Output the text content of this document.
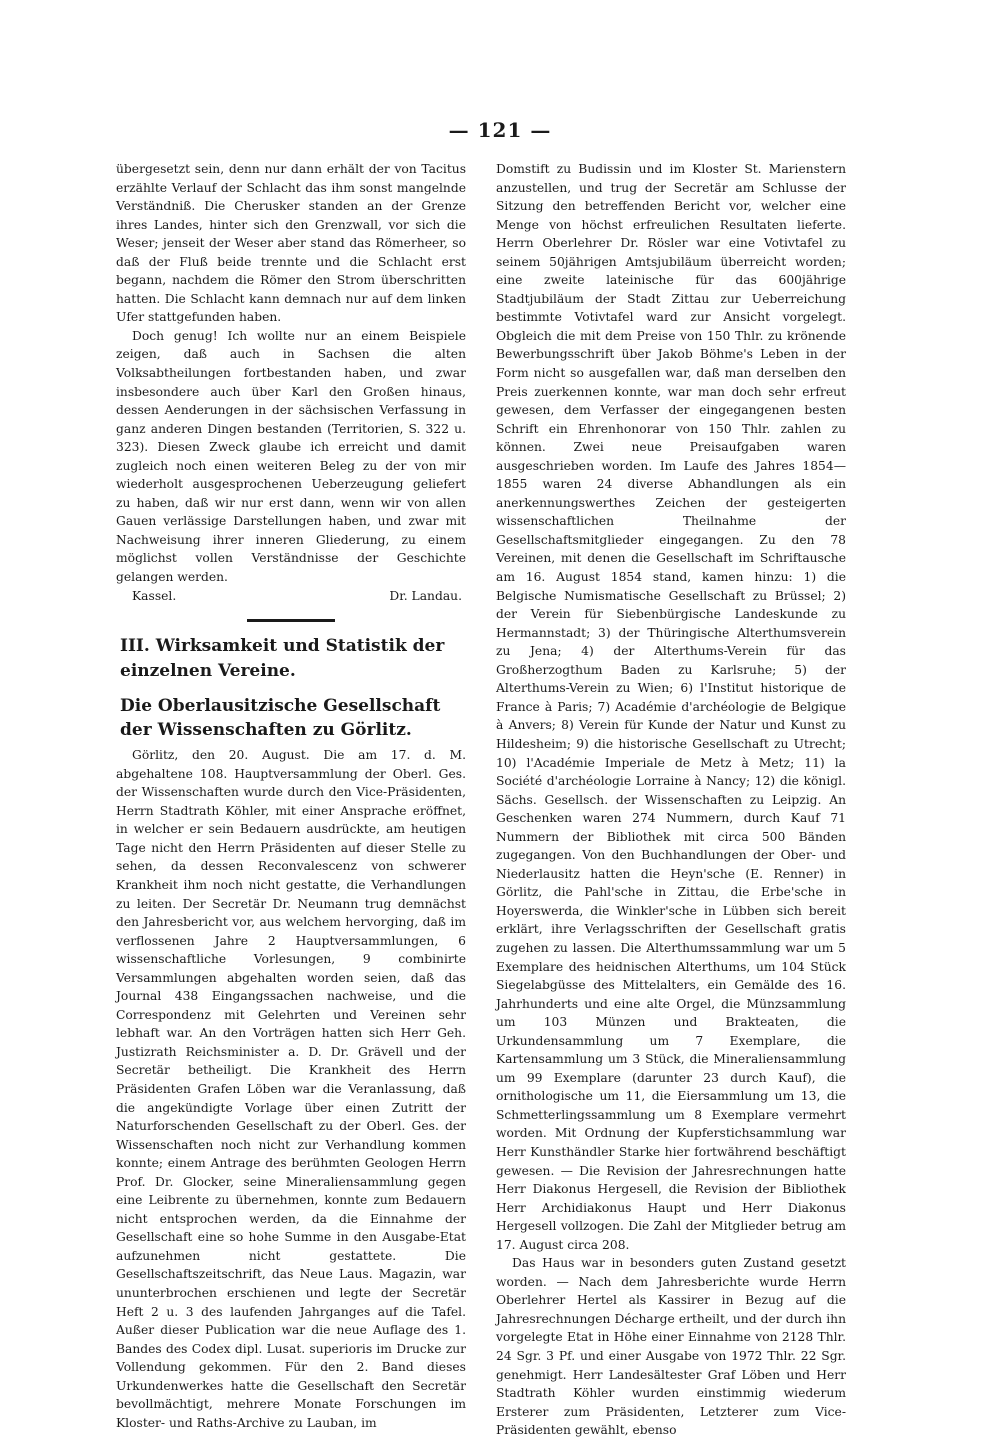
— 121 —

übergesetzt sein, denn nur dann erhält der von Tacitus erzählte Verlauf der Schlacht das ihm sonst mangelnde Verständniß. Die Cherusker standen an der Grenze ihres Landes, hinter sich den Grenzwall, vor sich die Weser; jenseit der Weser aber stand das Römerheer, so daß der Fluß beide trennte und die Schlacht erst begann, nachdem die Römer den Strom überschritten hatten. Die Schlacht kann demnach nur auf dem linken Ufer stattgefunden haben.

Doch genug! Ich wollte nur an einem Beispiele zeigen, daß auch in Sachsen die alten Volksabtheilungen fortbestanden haben, und zwar insbesondere auch über Karl den Großen hinaus, dessen Aenderungen in der sächsischen Verfassung in ganz anderen Dingen bestanden (Territorien, S. 322 u. 323). Diesen Zweck glaube ich erreicht und damit zugleich noch einen weiteren Beleg zu der von mir wiederholt ausgesprochenen Ueberzeugung geliefert zu haben, daß wir nur erst dann, wenn wir von allen Gauen verlässige Darstellungen haben, und zwar mit Nachweisung ihrer inneren Gliederung, zu einem möglichst vollen Verständnisse der Geschichte gelangen werden.

Kassel.	Dr. Landau.
III. Wirksamkeit und Statistik der einzelnen Vereine.
Die Oberlausitzische Gesellschaft der Wissenschaften zu Görlitz.

Görlitz, den 20. August. Die am 17. d. M. abgehaltene 108. Hauptversammlung der Oberl. Ges. der Wissenschaften wurde durch den Vice-Präsidenten, Herrn Stadtrath Köhler, mit einer Ansprache eröffnet, in welcher er sein Bedauern ausdrückte, am heutigen Tage nicht den Herrn Präsidenten auf dieser Stelle zu sehen, da dessen Reconvalescenz von schwerer Krankheit ihm noch nicht gestatte, die Verhandlungen zu leiten. Der Secretär Dr. Neumann trug demnächst den Jahresbericht vor, aus welchem hervorging, daß im verflossenen Jahre 2 Hauptversammlungen, 6 wissenschaftliche Vorlesungen, 9 combinirte Versammlungen abgehalten worden seien, daß das Journal 438 Eingangssachen nachweise, und die Correspondenz mit Gelehrten und Vereinen sehr lebhaft war. An den Vorträgen hatten sich Herr Geh. Justizrath Reichsminister a. D. Dr. Grävell und der Secretär betheiligt. Die Krankheit des Herrn Präsidenten Grafen Löben war die Veranlassung, daß die angekündigte Vorlage über einen Zutritt der Naturforschenden Gesellschaft zu der Oberl. Ges. der Wissenschaften noch nicht zur Verhandlung kommen konnte; einem Antrage des berühmten Geologen Herrn Prof. Dr. Glocker, seine Mineraliensammlung gegen eine Leibrente zu übernehmen, konnte zum Bedauern nicht entsprochen werden, da die Einnahme der Gesellschaft eine so hohe Summe in den Ausgabe-Etat aufzunehmen nicht gestattete. Die Gesellschaftszeitschrift, das Neue Laus. Magazin, war ununterbrochen erschienen und legte der Secretär Heft 2 u. 3 des laufenden Jahrganges auf die Tafel. Außer dieser Publication war die neue Auflage des 1. Bandes des Codex dipl. Lusat. superioris im Drucke zur Vollendung gekommen. Für den 2. Band dieses Urkundenwerkes hatte die Gesellschaft den Secretär bevollmächtigt, mehrere Monate Forschungen im Kloster- und Raths-Archive zu Lauban, im

Domstift zu Budissin und im Kloster St. Marienstern anzustellen, und trug der Secretär am Schlusse der Sitzung den betreffenden Bericht vor, welcher eine Menge von höchst erfreulichen Resultaten lieferte. Herrn Oberlehrer Dr. Rösler war eine Votivtafel zu seinem 50jährigen Amtsjubiläum überreicht worden; eine zweite lateinische für das 600jährige Stadtjubiläum der Stadt Zittau zur Ueberreichung bestimmte Votivtafel ward zur Ansicht vorgelegt. Obgleich die mit dem Preise von 150 Thlr. zu krönende Bewerbungsschrift über Jakob Böhme's Leben in der Form nicht so ausgefallen war, daß man derselben den Preis zuerkennen konnte, war man doch sehr erfreut gewesen, dem Verfasser der eingegangenen besten Schrift ein Ehrenhonorar von 150 Thlr. zahlen zu können. Zwei neue Preisaufgaben waren ausgeschrieben worden. Im Laufe des Jahres 1854—1855 waren 24 diverse Abhandlungen als ein anerkennungswerthes Zeichen der gesteigerten wissenschaftlichen Theilnahme der Gesellschaftsmitglieder eingegangen. Zu den 78 Vereinen, mit denen die Gesellschaft im Schriftausche am 16. August 1854 stand, kamen hinzu: 1) die Belgische Numismatische Gesellschaft zu Brüssel; 2) der Verein für Siebenbürgische Landeskunde zu Hermannstadt; 3) der Thüringische Alterthumsverein zu Jena; 4) der Alterthums-Verein für das Großherzogthum Baden zu Karlsruhe; 5) der Alterthums-Verein zu Wien; 6) l'Institut historique de France à Paris; 7) Académie d'archéologie de Belgique à Anvers; 8) Verein für Kunde der Natur und Kunst zu Hildesheim; 9) die historische Gesellschaft zu Utrecht; 10) l'Académie Imperiale de Metz à Metz; 11) la Société d'archéologie Lorraine à Nancy; 12) die königl. Sächs. Gesellsch. der Wissenschaften zu Leipzig. An Geschenken waren 274 Nummern, durch Kauf 71 Nummern der Bibliothek mit circa 500 Bänden zugegangen. Von den Buchhandlungen der Ober- und Niederlausitz hatten die Heyn'sche (E. Renner) in Görlitz, die Pahl'sche in Zittau, die Erbe'sche in Hoyerswerda, die Winkler'sche in Lübben sich bereit erklärt, ihre Verlagsschriften der Gesellschaft gratis zugehen zu lassen. Die Alterthumssammlung war um 5 Exemplare des heidnischen Alterthums, um 104 Stück Siegelabgüsse des Mittelalters, ein Gemälde des 16. Jahrhunderts und eine alte Orgel, die Münzsammlung um 103 Münzen und Brakteaten, die Urkundensammlung um 7 Exemplare, die Kartensammlung um 3 Stück, die Mineraliensammlung um 99 Exemplare (darunter 23 durch Kauf), die ornithologische um 11, die Eiersammlung um 13, die Schmetterlingssammlung um 8 Exemplare vermehrt worden. Mit Ordnung der Kupferstichsammlung war Herr Kunsthändler Starke hier fortwährend beschäftigt gewesen. — Die Revision der Jahresrechnungen hatte Herr Diakonus Hergesell, die Revision der Bibliothek Herr Archidiakonus Haupt und Herr Diakonus Hergesell vollzogen. Die Zahl der Mitglieder betrug am 17. August circa 208.

Das Haus war in besonders guten Zustand gesetzt worden. — Nach dem Jahresberichte wurde Herrn Oberlehrer Hertel als Kassirer in Bezug auf die Jahresrechnungen Décharge ertheilt, und der durch ihn vorgelegte Etat in Höhe einer Einnahme von 2128 Thlr. 24 Sgr. 3 Pf. und einer Ausgabe von 1972 Thlr. 22 Sgr. genehmigt. Herr Landesältester Graf Löben und Herr Stadtrath Köhler wurden einstimmig wiederum Ersterer zum Präsidenten, Letzterer zum Vice-Präsidenten gewählt, ebenso
